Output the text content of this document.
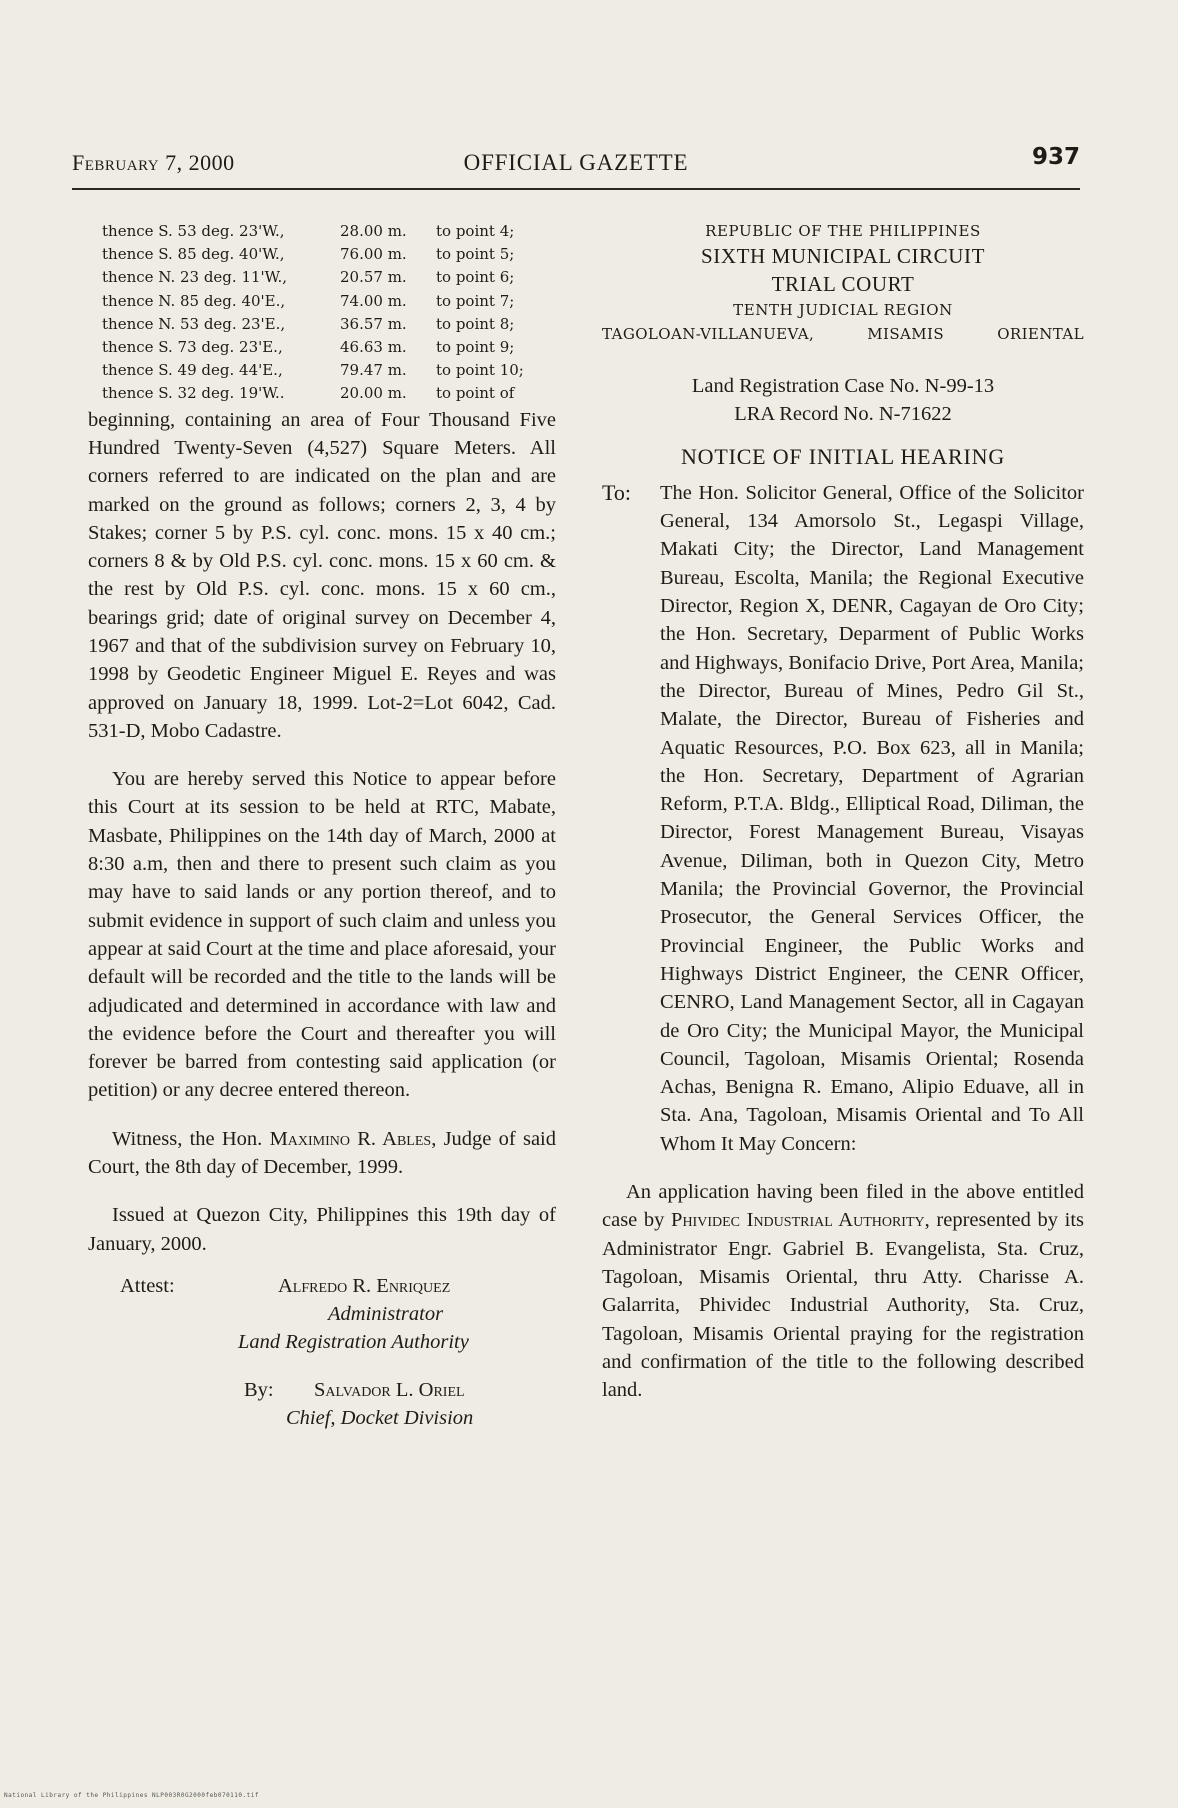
February 7, 2000	OFFICIAL GAZETTE	937
thence S. 53 deg. 23'W.,	28.00 m.	to point 4;
thence S. 85 deg. 40'W.,	76.00 m.	to point 5;
thence N. 23 deg. 11'W.,	20.57 m.	to point 6;
thence N. 85 deg. 40'E.,	74.00 m.	to point 7;
thence N. 53 deg. 23'E.,	36.57 m.	to point 8;
thence S. 73 deg. 23'E.,	46.63 m.	to point 9;
thence S. 49 deg. 44'E.,	79.47 m.	to point 10;
thence S. 32 deg. 19'W..	20.00 m.	to point of

beginning, containing an area of Four Thousand Five Hundred Twenty-Seven (4,527) Square Meters. All corners referred to are indicated on the plan and are marked on the ground as follows; corners 2, 3, 4 by Stakes; corner 5 by P.S. cyl. conc. mons. 15 x 40 cm.; corners 8 & by Old P.S. cyl. conc. mons. 15 x 60 cm. & the rest by Old P.S. cyl. conc. mons. 15 x 60 cm., bearings grid; date of original survey on December 4, 1967 and that of the subdivision survey on February 10, 1998 by Geodetic Engineer Miguel E. Reyes and was approved on January 18, 1999. Lot-2=Lot 6042, Cad. 531-D, Mobo Cadastre.

You are hereby served this Notice to appear before this Court at its session to be held at RTC, Mabate, Masbate, Philippines on the 14th day of March, 2000 at 8:30 a.m, then and there to present such claim as you may have to said lands or any portion thereof, and to submit evidence in support of such claim and unless you appear at said Court at the time and place aforesaid, your default will be recorded and the title to the lands will be adjudicated and determined in accordance with law and the evidence before the Court and thereafter you will forever be barred from contesting said application (or petition) or any decree entered thereon.

Witness, the Hon. Maximino R. Ables, Judge of said Court, the 8th day of December, 1999.

Issued at Quezon City, Philippines this 19th day of January, 2000.

Attest:	Alfredo R. Enriquez
Administrator
Land Registration Authority
By: Salvador L. Oriel
Chief, Docket Division
REPUBLIC OF THE PHILIPPINES
SIXTH MUNICIPAL CIRCUIT
TRIAL COURT
TENTH JUDICIAL REGION
TAGOLOAN-VILLANUEVA,	MISAMIS	ORIENTAL
Land Registration Case No. N-99-13
LRA Record No. N-71622
NOTICE OF INITIAL HEARING
To:	The Hon. Solicitor General, Office of the Solicitor General, 134 Amorsolo St., Legaspi Village, Makati City; the Director, Land Management Bureau, Escolta, Manila; the Regional Executive Director, Region X, DENR, Cagayan de Oro City; the Hon. Secretary, Deparment of Public Works and Highways, Bonifacio Drive, Port Area, Manila; the Director, Bureau of Mines, Pedro Gil St., Malate, the Director, Bureau of Fisheries and Aquatic Resources, P.O. Box 623, all in Manila; the Hon. Secretary, Department of Agrarian Reform, P.T.A. Bldg., Elliptical Road, Diliman, the Director, Forest Management Bureau, Visayas Avenue, Diliman, both in Quezon City, Metro Manila; the Provincial Governor, the Provincial Prosecutor, the General Services Officer, the Provincial Engineer, the Public Works and Highways District Engineer, the CENR Officer, CENRO, Land Management Sector, all in Cagayan de Oro City; the Municipal Mayor, the Municipal Council, Tagoloan, Misamis Oriental; Rosenda Achas, Benigna R. Emano, Alipio Eduave, all in Sta. Ana, Tagoloan, Misamis Oriental and To All Whom It May Concern:

An application having been filed in the above entitled case by Phividec Industrial Authority, represented by its Administrator Engr. Gabriel B. Evangelista, Sta. Cruz, Tagoloan, Misamis Oriental, thru Atty. Charisse A. Galarrita, Phividec Industrial Authority, Sta. Cruz, Tagoloan, Misamis Oriental praying for the registration and confirmation of the title to the following described land.

National Library of the Philippines NLP003R0G2000feb070110.tif
